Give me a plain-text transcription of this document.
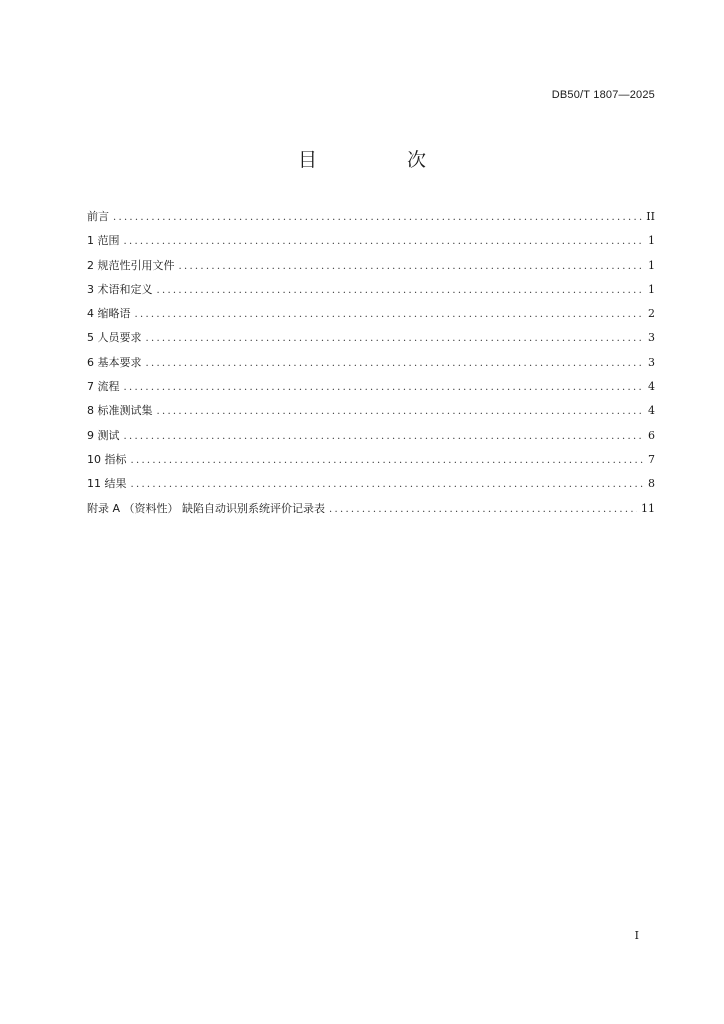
DB50/T 1807—2025
目 次
前言 .....	II
1 范围 .....	1
2 规范性引用文件 .....	1
3 术语和定义 .....	1
4 缩略语 .....	2
5 人员要求 .....	3
6 基本要求 .....	3
7 流程 .....	4
8 标准测试集 .....	4
9 测试 .....	6
10 指标 .....	7
11 结果 .....	8
附录 A （资料性） 缺陷自动识别系统评价记录表 .....	11
I
